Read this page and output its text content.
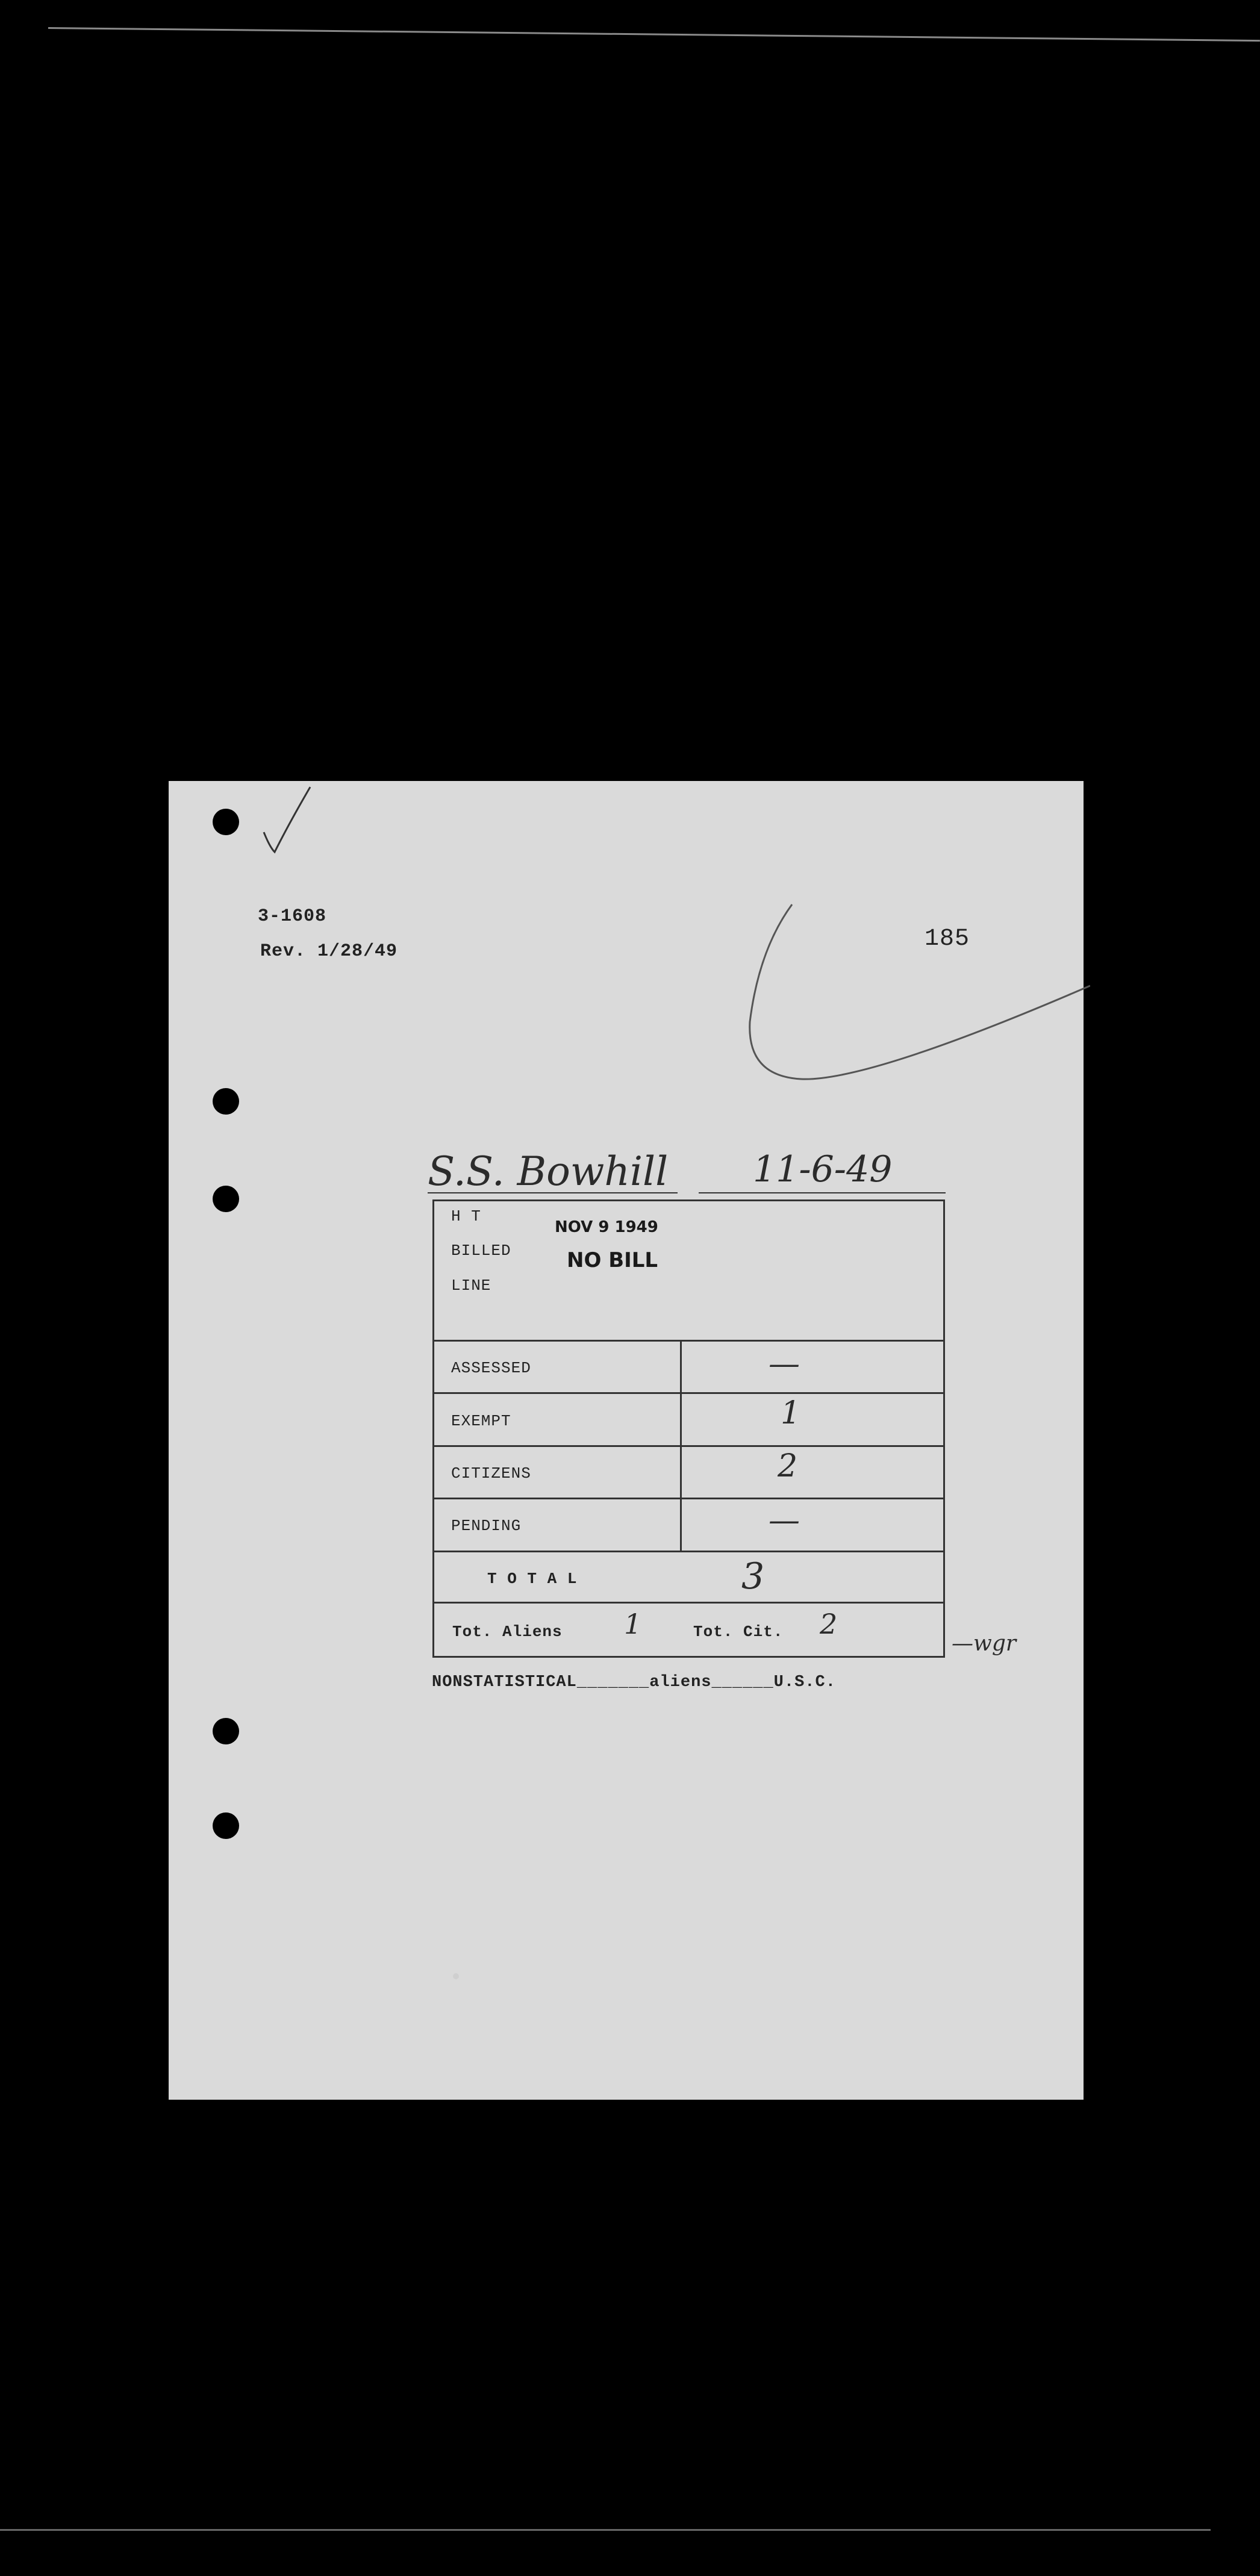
3-1608
Rev. 1/28/49	185
S.S. Bowhill 11-6-49
H T
BILLED
LINE
NOV 9 1949
NO BILL
ASSESSED	—
EXEMPT	1
CITIZENS	2
PENDING	—
T O T A L	3
Tot. Aliens 1	Tot. Cit. 2
—wgr
NONSTATISTICAL_______aliens______U.S.C.
